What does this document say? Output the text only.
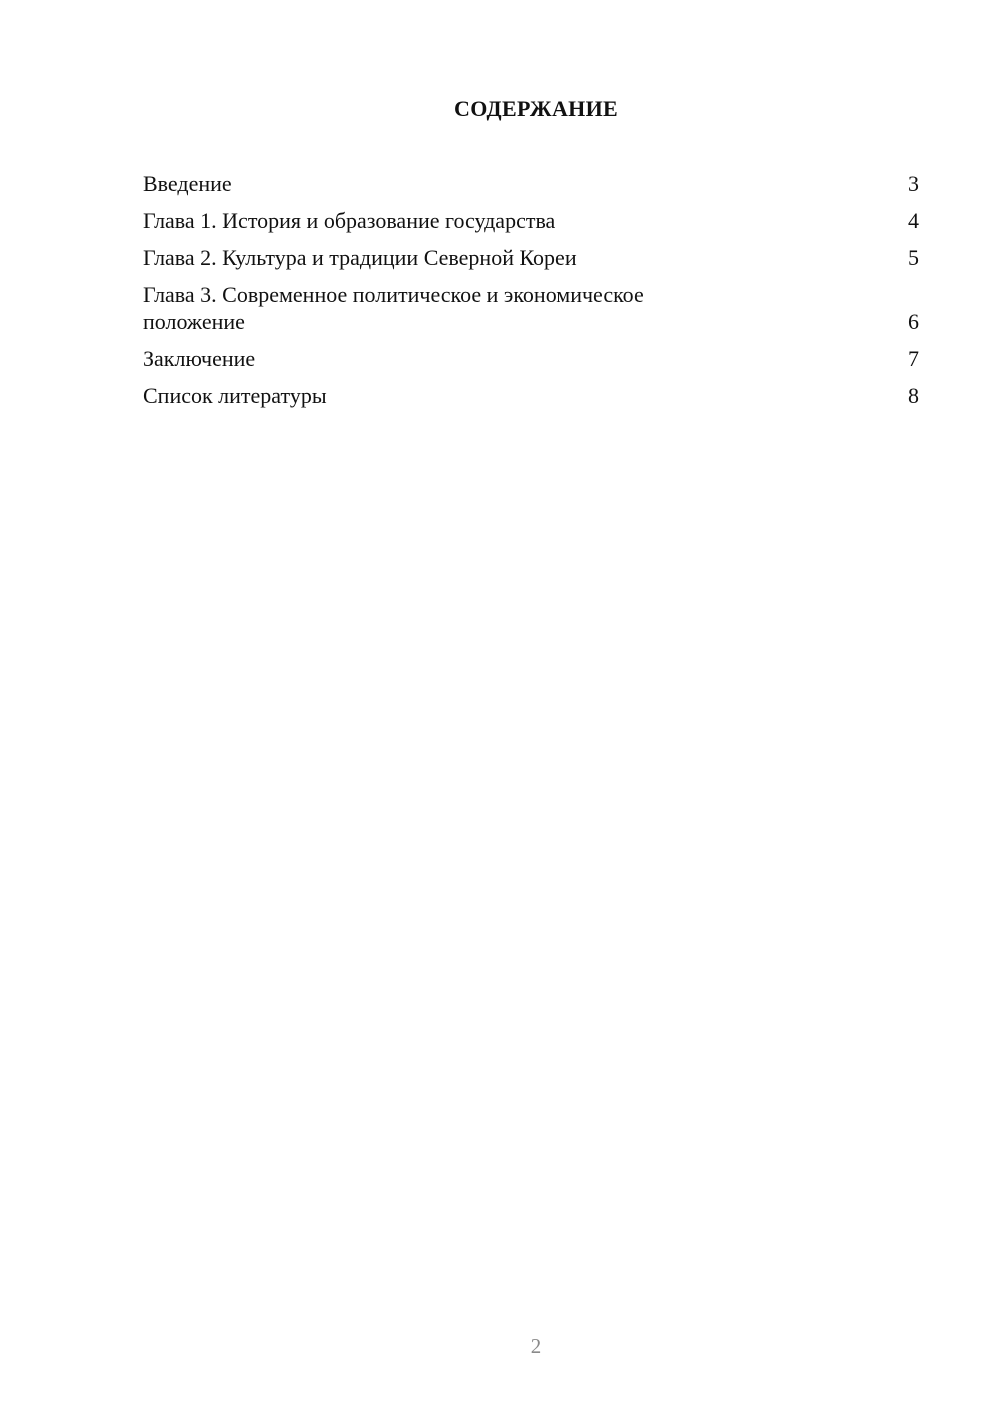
СОДЕРЖАНИЕ
Введение	3
Глава 1. История и образование государства	4
Глава 2. Культура и традиции Северной Кореи	5
Глава 3. Современное политическое и экономическое положение	6
Заключение	7
Список литературы	8
2
